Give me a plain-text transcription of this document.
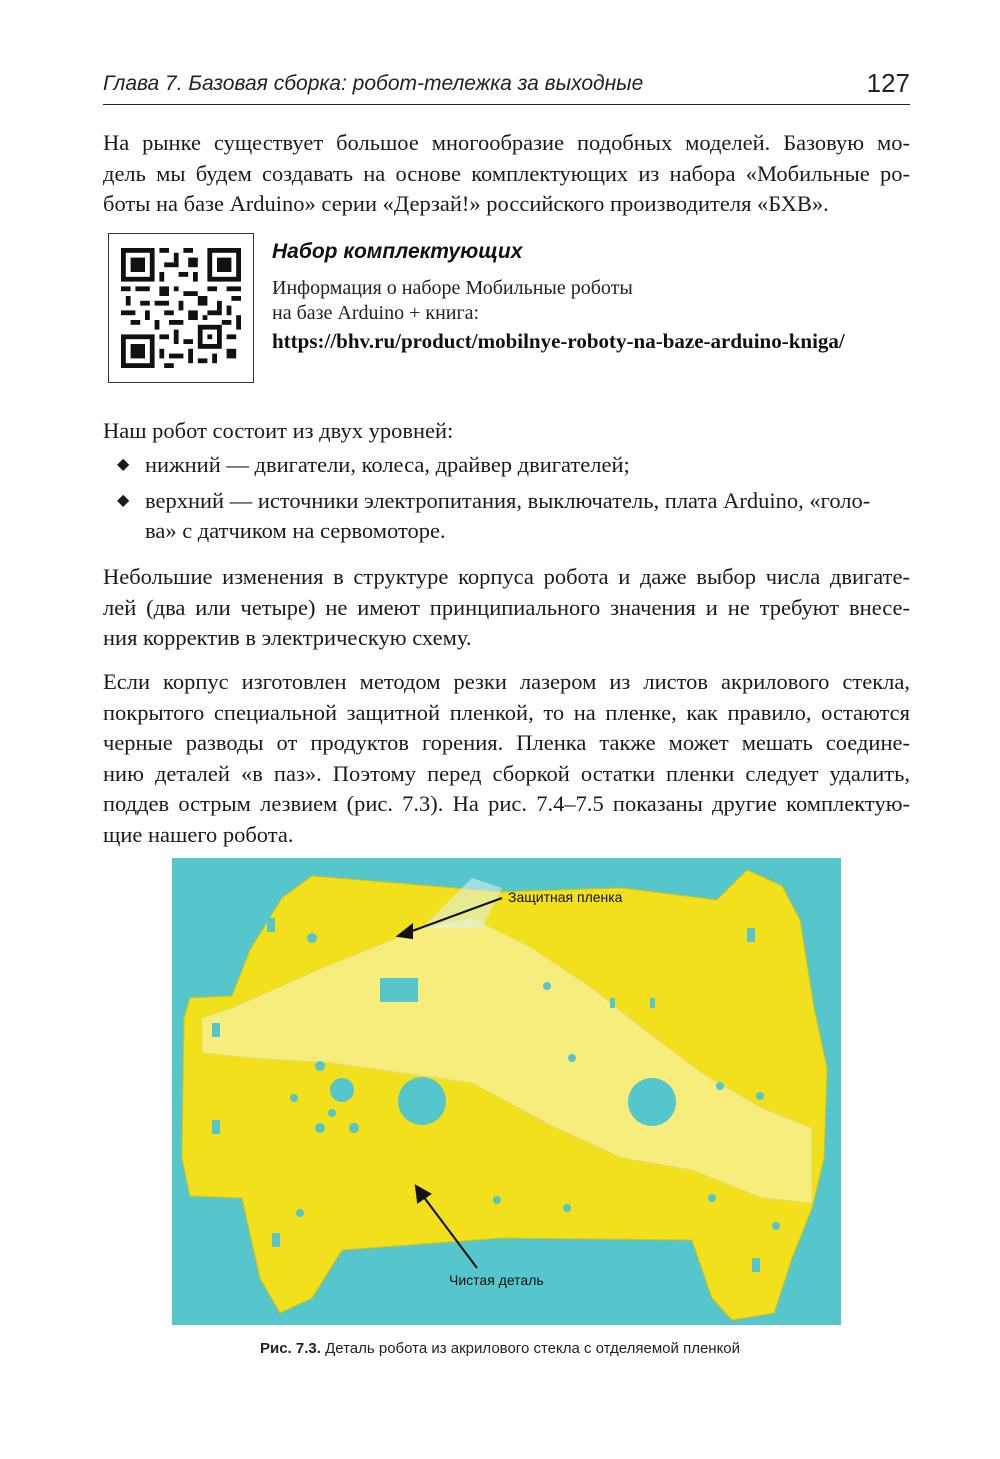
Глава 7. Базовая сборка: робот-тележка за выходные	127
На рынке существует большое многообразие подобных моделей. Базовую мо-
дель мы будем создавать на основе комплектующих из набора «Мобильные ро-
боты на базе Arduino» серии «Дерзай!» российского производителя «БХВ».
Набор комплектующих
Информация о наборе Мобильные роботы
на базе Arduino + книга:
https://bhv.ru/product/mobilnye-roboty-na-baze-arduino-kniga/
Наш робот состоит из двух уровней:
◆ нижний — двигатели, колеса, драйвер двигателей;
◆ верхний — источники электропитания, выключатель, плата Arduino, «голо-
ва» с датчиком на сервомоторе.
Небольшие изменения в структуре корпуса робота и даже выбор числа двигате-
лей (два или четыре) не имеют принципиального значения и не требуют внесе-
ния корректив в электрическую схему.
Если корпус изготовлен методом резки лазером из листов акрилового стекла,
покрытого специальной защитной пленкой, то на пленке, как правило, остаются
черные разводы от продуктов горения. Пленка также может мешать соедине-
нию деталей «в паз». Поэтому перед сборкой остатки пленки следует удалить,
поддев острым лезвием (рис. 7.3). На рис. 7.4–7.5 показаны другие комплектую-
щие нашего робота.
Защитная пленка
Чистая деталь
Рис. 7.3. Деталь робота из акрилового стекла с отделяемой пленкой
